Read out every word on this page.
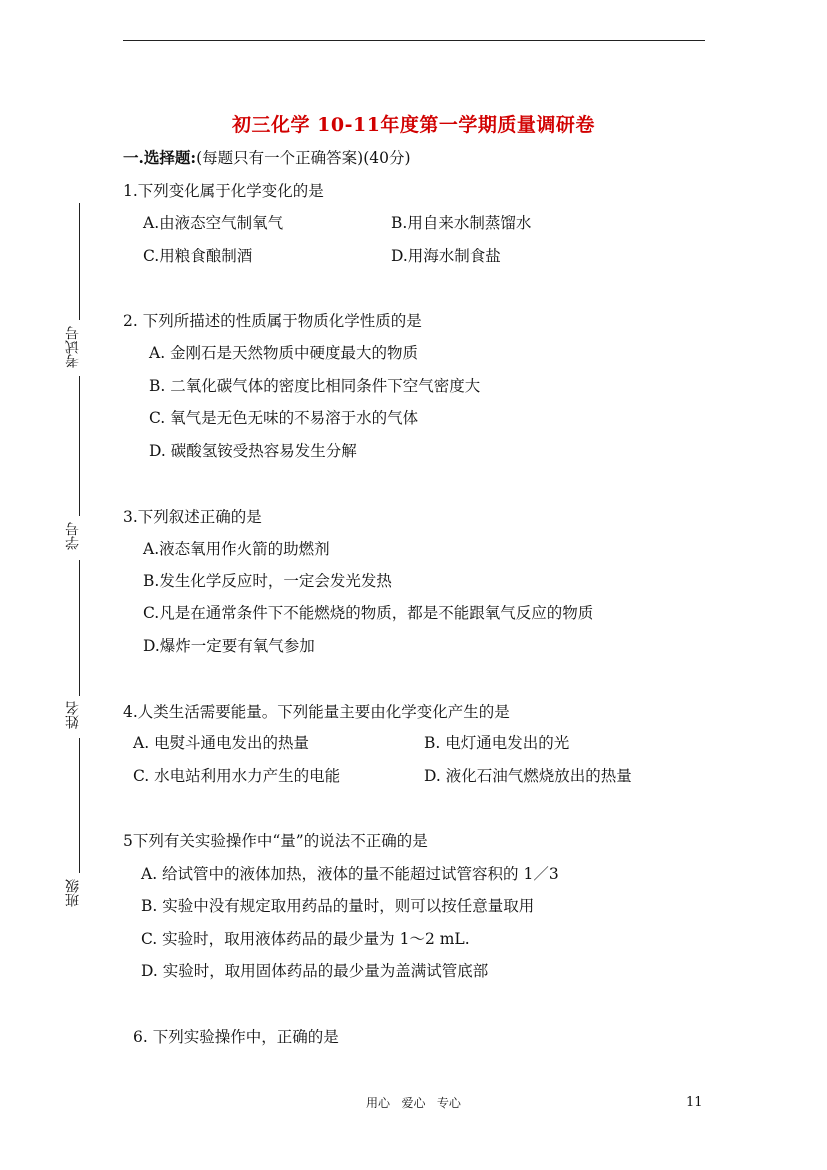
初三化学 10-11年度第一学期质量调研卷
一.选择题:(每题只有一个正确答案)(40分)
考试号
学号
姓名
班级
1.下列变化属于化学变化的是
A.由液态空气制氧气	B.用自来水制蒸馏水
C.用粮食酿制酒	D.用海水制食盐
2. 下列所描述的性质属于物质化学性质的是
A. 金刚石是天然物质中硬度最大的物质
B. 二氧化碳气体的密度比相同条件下空气密度大
C. 氧气是无色无味的不易溶于水的气体
D. 碳酸氢铵受热容易发生分解
3.下列叙述正确的是
A.液态氧用作火箭的助燃剂
B.发生化学反应时，一定会发光发热
C.凡是在通常条件下不能燃烧的物质，都是不能跟氧气反应的物质
D.爆炸一定要有氧气参加
4.人类生活需要能量。下列能量主要由化学变化产生的是
A. 电熨斗通电发出的热量	B. 电灯通电发出的光
C. 水电站利用水力产生的电能	D. 液化石油气燃烧放出的热量
5下列有关实验操作中“量”的说法不正确的是
A. 给试管中的液体加热，液体的量不能超过试管容积的 1／3
B. 实验中没有规定取用药品的量时，则可以按任意量取用
C. 实验时，取用液体药品的最少量为 1～2 mL.
D. 实验时，取用固体药品的最少量为盖满试管底部
6. 下列实验操作中，正确的是
用心   爱心   专心	11
